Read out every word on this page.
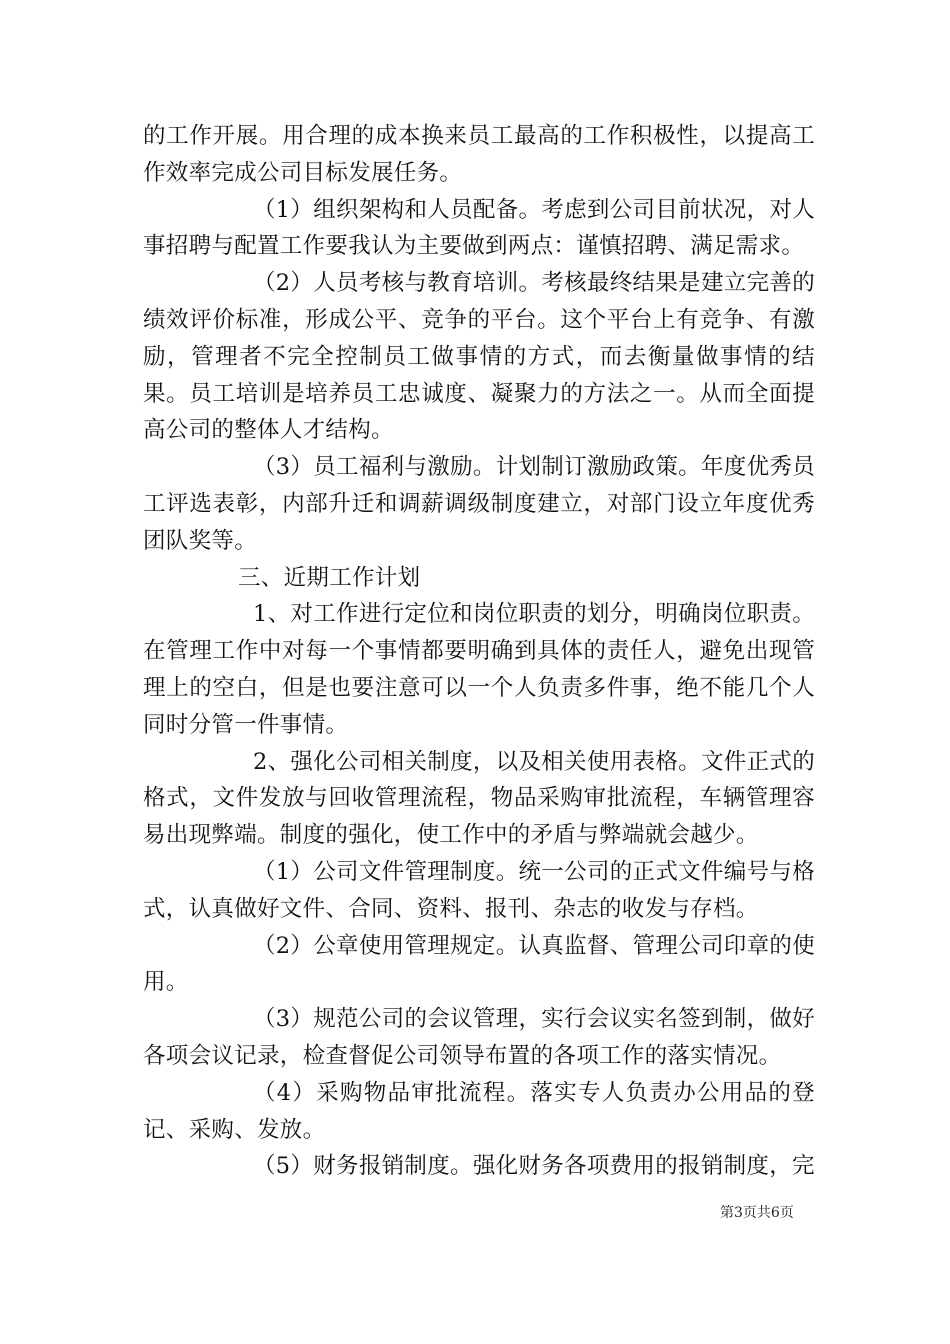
的工作开展。用合理的成本换来员工最高的工作积极性，以提高工作效率完成公司目标发展任务。

（1）组织架构和人员配备。考虑到公司目前状况，对人事招聘与配置工作要我认为主要做到两点：谨慎招聘、满足需求。

（2）人员考核与教育培训。考核最终结果是建立完善的绩效评价标准，形成公平、竞争的平台。这个平台上有竞争、有激励，管理者不完全控制员工做事情的方式，而去衡量做事情的结果。员工培训是培养员工忠诚度、凝聚力的方法之一。从而全面提高公司的整体人才结构。

（3）员工福利与激励。计划制订激励政策。年度优秀员工评选表彰，内部升迁和调薪调级制度建立，对部门设立年度优秀团队奖等。

三、近期工作计划

1、对工作进行定位和岗位职责的划分，明确岗位职责。在管理工作中对每一个事情都要明确到具体的责任人，避免出现管理上的空白，但是也要注意可以一个人负责多件事，绝不能几个人同时分管一件事情。

2、强化公司相关制度，以及相关使用表格。文件正式的格式，文件发放与回收管理流程，物品采购审批流程，车辆管理容易出现弊端。制度的强化，使工作中的矛盾与弊端就会越少。

（1）公司文件管理制度。统一公司的正式文件编号与格式，认真做好文件、合同、资料、报刊、杂志的收发与存档。

（2）公章使用管理规定。认真监督、管理公司印章的使用。

（3）规范公司的会议管理，实行会议实名签到制，做好各项会议记录，检查督促公司领导布置的各项工作的落实情况。

（4）采购物品审批流程。落实专人负责办公用品的登记、采购、发放。

（5）财务报销制度。强化财务各项费用的报销制度，完

第3页共6页
